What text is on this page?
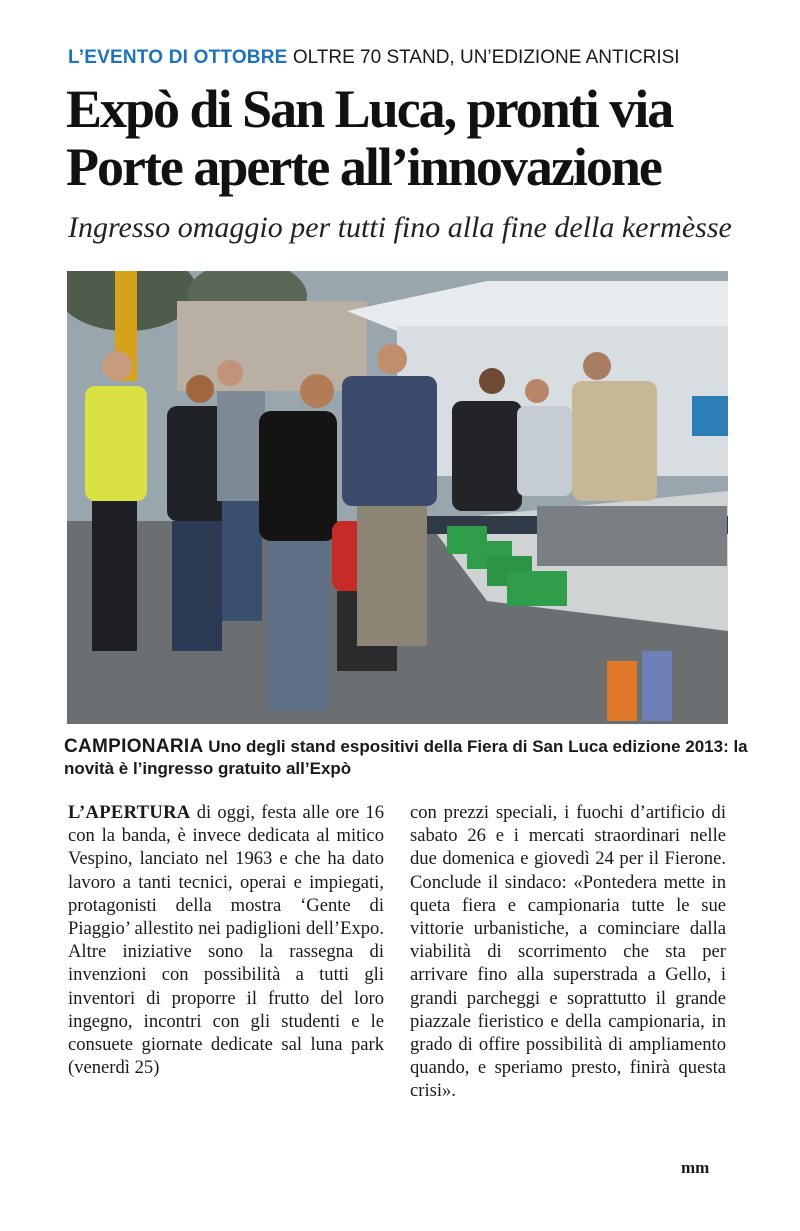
L’EVENTO DI OTTOBRE OLTRE 70 STAND, UN’EDIZIONE ANTICRISI
Expò di San Luca, pronti via
Porte aperte all’innovazione
Ingresso omaggio per tutti fino alla fine della kermèsse
CAMPIONARIA Uno degli stand espositivi della Fiera di San Luca edizione 2013: la novità è l’ingresso gratuito all’Expò
L’APERTURA di oggi, festa alle ore 16 con la banda, è invece dedicata al mitico Vespino, lanciato nel 1963 e che ha dato lavoro a tanti tecnici, operai e impiegati, protagonisti della mostra ‘Gente di Piaggio’ allestito nei padiglioni dell’Expo. Altre iniziative sono la rassegna di invenzioni con possibilità a tutti gli inventori di proporre il frutto del loro ingegno, incontri con gli studenti e le consuete giornate dedicate sal luna park (venerdì 25)
con prezzi speciali, i fuochi d’artificio di sabato 26 e i mercati straordinari nelle due domenica e giovedì 24 per il Fierone. Conclude il sindaco: «Pontedera mette in queta fiera e campionaria tutte le sue vittorie urbanistiche, a cominciare dalla viabilità di scorrimento che sta per arrivare fino alla superstrada a Gello, i grandi parcheggi e soprattutto il grande piazzale fieristico e della campionaria, in grado di offire possibilità di ampliamento quando, e speriamo presto, finirà questa crisi».
mm
